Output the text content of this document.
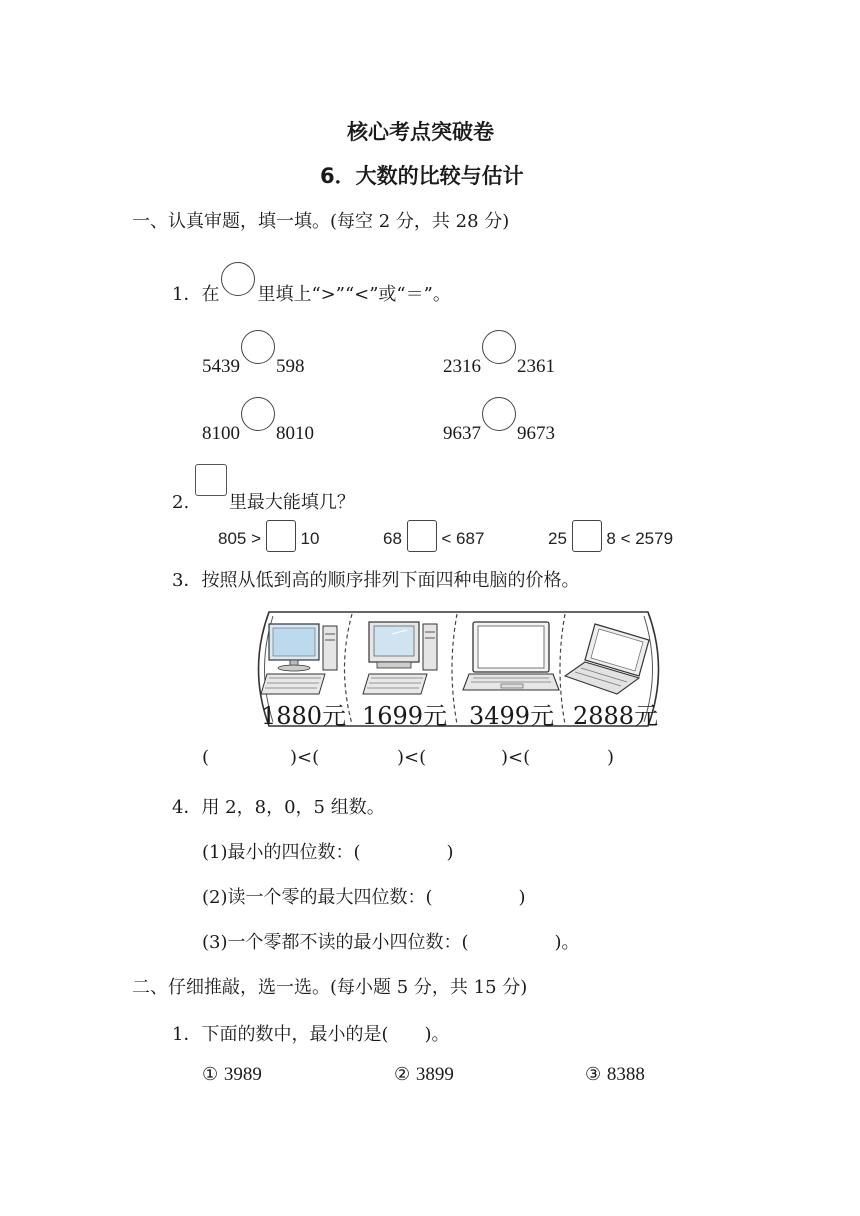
核心考点突破卷
6．大数的比较与估计
一、认真审题，填一填。(每空 2 分，共 28 分)
1．在 里填上“>”“<”或“＝”。
5439 598	2316 2361
8100 8010	9637 9673
2. 里最大能填几？
805 > 10	68 < 687	25 8 < 2579
3．按照从低到高的顺序排列下面四种电脑的价格。
1880元 1699元 3499元 2888元
(	)<(	)<(	)<(	)
4．用 2，8，0，5 组数。
(1)最小的四位数：(	)
(2)读一个零的最大四位数：(	)
(3)一个零都不读的最小四位数：(	)。
二、仔细推敲，选一选。(每小题 5 分，共 15 分)
1．下面的数中，最小的是(　　)。
① 3989	② 3899	③ 8388
